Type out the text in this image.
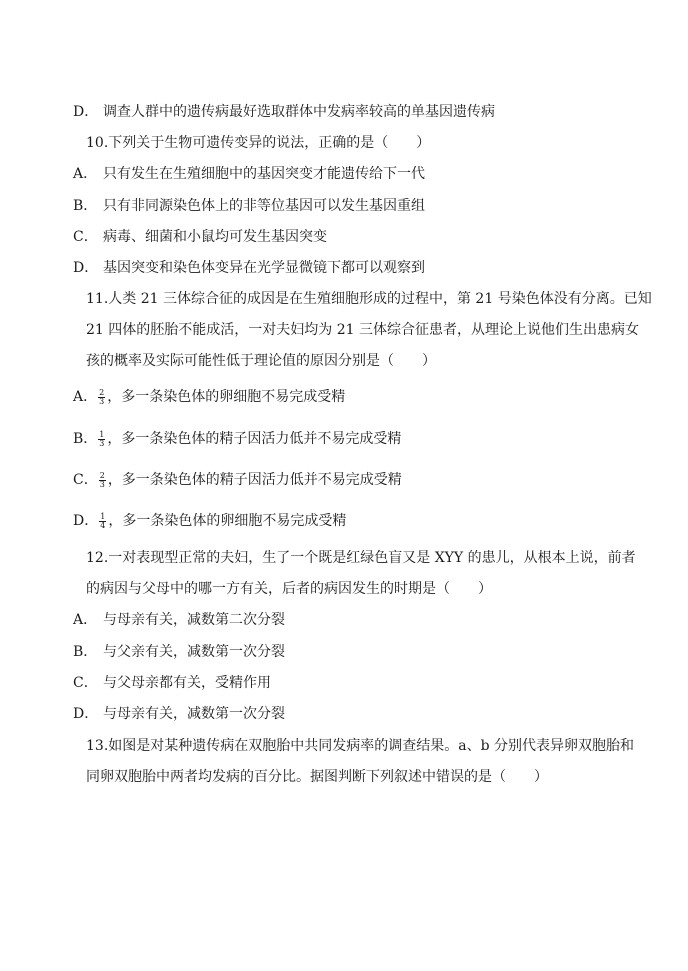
D． 调查人群中的遗传病最好选取群体中发病率较高的单基因遗传病
10.下列关于生物可遗传变异的说法，正确的是（　　）
A． 只有发生在生殖细胞中的基因突变才能遗传给下一代
B． 只有非同源染色体上的非等位基因可以发生基因重组
C． 病毒、细菌和小鼠均可发生基因突变
D． 基因突变和染色体变异在光学显微镜下都可以观察到
11.人类 21 三体综合征的成因是在生殖细胞形成的过程中，第 21 号染色体没有分离。已知
21 四体的胚胎不能成活，一对夫妇均为 21 三体综合征患者，从理论上说他们生出患病女
孩的概率及实际可能性低于理论值的原因分别是（　　）
A． $\frac{2}{3}$ ，多一条染色体的卵细胞不易完成受精
B． $\frac{1}{3}$ ，多一条染色体的精子因活力低并不易完成受精
C． $\frac{2}{3}$ ，多一条染色体的精子因活力低并不易完成受精
D． $\frac{1}{4}$ ，多一条染色体的卵细胞不易完成受精
12.一对表现型正常的夫妇，生了一个既是红绿色盲又是 XYY 的患儿，从根本上说，前者
的病因与父母中的哪一方有关，后者的病因发生的时期是（　　）
A． 与母亲有关，减数第二次分裂
B． 与父亲有关，减数第一次分裂
C． 与父母亲都有关，受精作用
D． 与母亲有关，减数第一次分裂
13.如图是对某种遗传病在双胞胎中共同发病率的调查结果。a、b 分别代表异卵双胞胎和
同卵双胞胎中两者均发病的百分比。据图判断下列叙述中错误的是（　　）
